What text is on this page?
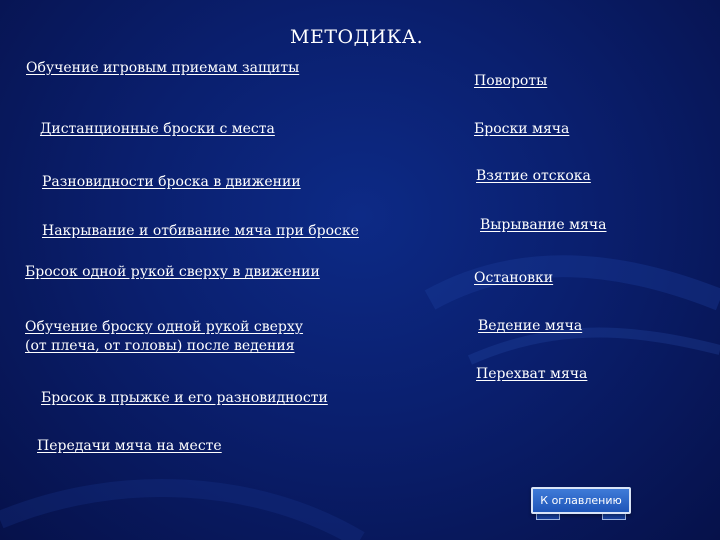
МЕТОДИКА.
Обучение игровым приемам защиты
Дистанционные броски с места
Разновидности броска в движении
Накрывание и отбивание мяча при броске
Бросок одной рукой сверху в движении
Обучение броску одной рукой сверху
(от плеча, от головы) после ведения
Бросок в прыжке и его разновидности
Передачи мяча на месте
Повороты
Броски мяча
Взятие отскока
Вырывание мяча
Остановки
Ведение мяча
Перехват мяча
К оглавлению
